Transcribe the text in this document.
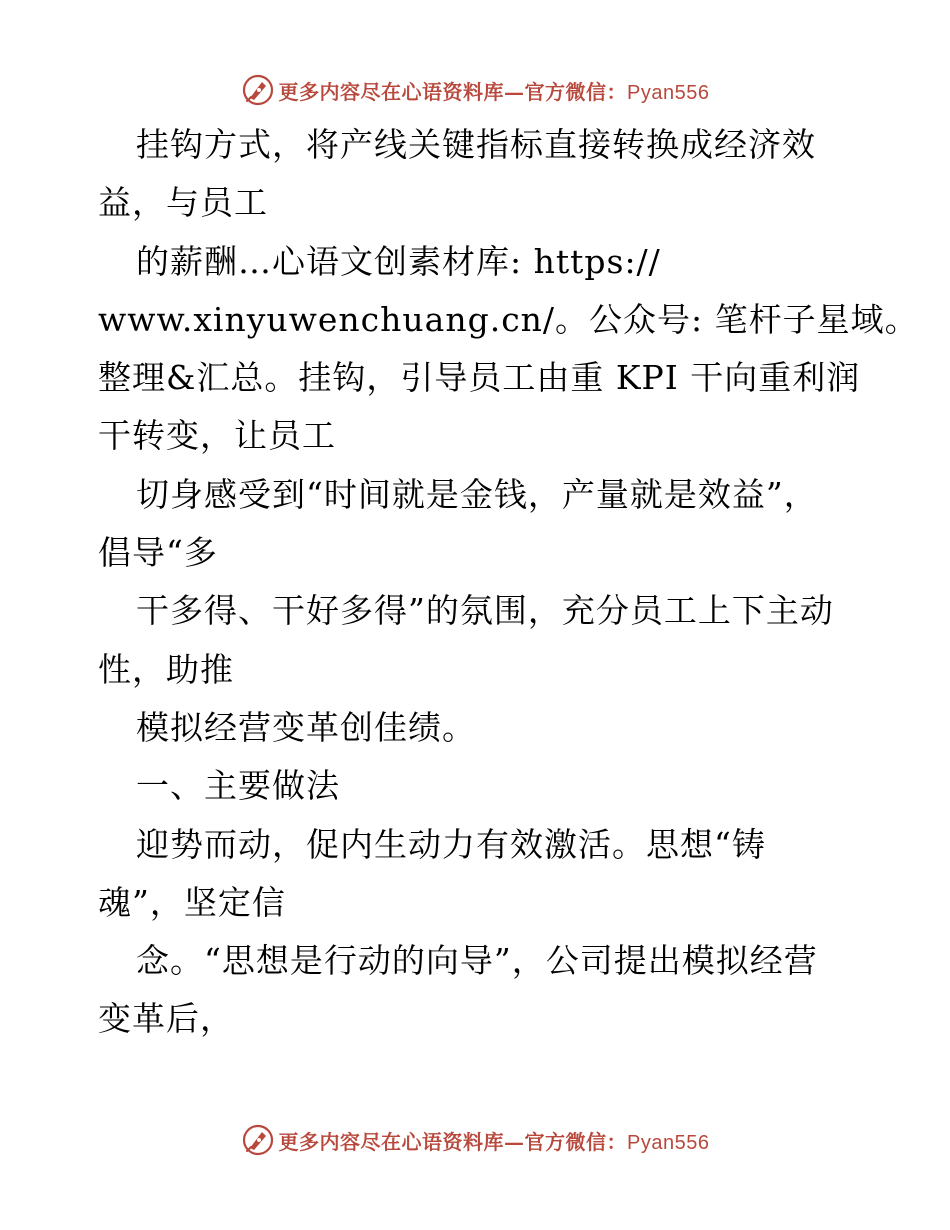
更多内容尽在心语资料库—官方微信：Pyan556
挂钩方式，将产线关键指标直接转换成经济效
益，与员工
的薪酬…心语文创素材库: https://
www.xinyuwenchuang.cn/。公众号: 笔杆子星域。
整理&汇总。挂钩，引导员工由重 KPI 干向重利润
干转变，让员工
切身感受到“时间就是金钱，产量就是效益”，
倡导“多
干多得、干好多得”的氛围，充分员工上下主动
性，助推
模拟经营变革创佳绩。
一、主要做法
迎势而动，促内生动力有效激活。思想“铸
魂”，坚定信
念。“思想是行动的向导”，公司提出模拟经营
变革后，
更多内容尽在心语资料库—官方微信：Pyan556
